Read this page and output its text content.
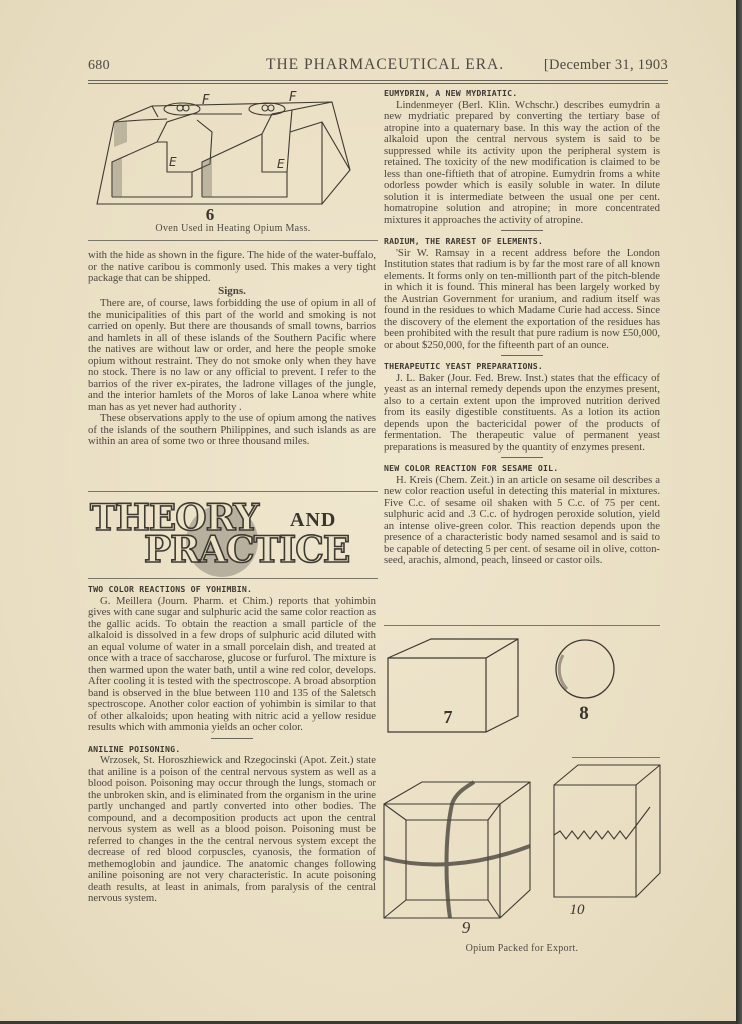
680	THE PHARMACEUTICAL ERA.	[December 31, 1903
F	F
E	E
6
Oven Used in Heating Opium Mass.

with the hide as shown in the figure. The hide of the water-buffalo, or the native caribou is commonly used. This makes a very tight package that can be shipped.

Signs.

There are, of course, laws forbidding the use of opium in all of the municipalities of this part of the world and smoking is not carried on openly. But there are thousands of small towns, barrios and hamlets in all of these islands of the Southern Pacific where the natives are without law or order, and here the people smoke opium without restraint. They do not smoke only when they have no stock. There is no law or any official to prevent. I refer to the barrios of the river ex-pirates, the ladrone villages of the jungle, and the interior hamlets of the Moros of lake Lanoa where white man has as yet never had authority .

These observations apply to the use of opium among the natives of the islands of the southern Philippines, and such islands as are within an area of some two or three thousand miles.

THEORY AND
PRACTICE
TWO COLOR REACTIONS OF YOHIMBIN.

G. Meillera (Journ. Pharm. et Chim.) reports that yohimbin gives with cane sugar and sulphuric acid the same color reaction as the gallic acids. To obtain the reaction a small particle of the alkaloid is dissolved in a few drops of sulphuric acid diluted with an equal volume of water in a small porcelain dish, and treated at once with a trace of saccharose, glucose or furfurol. The mixture is then warmed upon the water bath, until a wine red color, develops. After cooling it is tested with the spectroscope. A broad absorption band is observed in the blue between 110 and 135 of the Saletsch spectroscope. Another color eaction of yohimbin is similar to that of other alkaloids; upon heating with nitric acid a yellow residue results which with ammonia yields an ocher color.

ANILINE POISONING.

Wrzosek, St. Horoszhiewick and Rzegocinski (Apot. Zeit.) state that aniline is a poison of the central nervous system as well as a blood poison. Poisoning may occur through the lungs, stomach or the unbroken skin, and is eliminated from the organism in the urine partly unchanged and partly converted into other bodies. The compound, and a decomposition products act upon the central nervous system as well as a blood poison. Poisoning must be referred to changes in the the central nervous system except the decrease of red blood corpuscles, cyanosis, the formation of methemoglobin and jaundice. The anatomic changes following aniline poisoning are not very characteristic. In acute poisoning death results, at least in animals, from paralysis of the central nervous system.

EUMYDRIN, A NEW MYDRIATIC.

Lindenmeyer (Berl. Klin. Wchschr.) describes eumydrin a new mydriatic prepared by converting the tertiary base of atropine into a quaternary base. In this way the action of the alkaloid upon the central nervous system is said to be suppressed while its activity upon the peripheral system is retained. The toxicity of the new modification is claimed to be less than one-fiftieth that of atropine. Eumydrin froms a white odorless powder which is easily soluble in water. In dilute solution it is intermediate between the usual one per cent. homatropine solution and atropine; in more concentrated mixtures it approaches the activity of atropine.

RADIUM, THE RAREST OF ELEMENTS.

'Sir W. Ramsay in a recent address before the London Institution states that radium is by far the most rare of all known elements. It forms only on ten-millionth part of the pitch-blende in which it is found. This mineral has been largely worked by the Austrian Government for uranium, and radium itself was found in the residues to which Madame Curie had access. Since the discovery of the element the exportation of the residues has been prohibited with the result that pure radium is now £50,000, or about $250,000, for the fifteenth part of an ounce.

THERAPEUTIC YEAST PREPARATIONS.

J. L. Baker (Jour. Fed. Brew. Inst.) states that the efficacy of yeast as an internal remedy depends upon the enzymes present, also to a certain extent upon the improved nutrition derived from its easily digestible constituents. As a lotion its action depends upon the bactericidal power of the products of fermentation. The therapeutic value of permanent yeast preparations is measured by the quantity of enzymes present.

NEW COLOR REACTION FOR SESAME OIL.

H. Kreis (Chem. Zeit.) in an article on sesame oil describes a new color reaction useful in detecting this material in mixtures. Five C.c. of sesame oil shaken with 5 C.c. of 75 per cent. sulphuric acid and .3 C.c. of hydrogen peroxide solution, yield an intense olive-green color. This reaction depends upon the presence of a characteristic body named sesamol and is said to be capable of detecting 5 per cent. of sesame oil in olive, cotton-seed, arachis, almond, peach, linseed or castor oils.

7	8
9
10
Opium Packed for Export.
